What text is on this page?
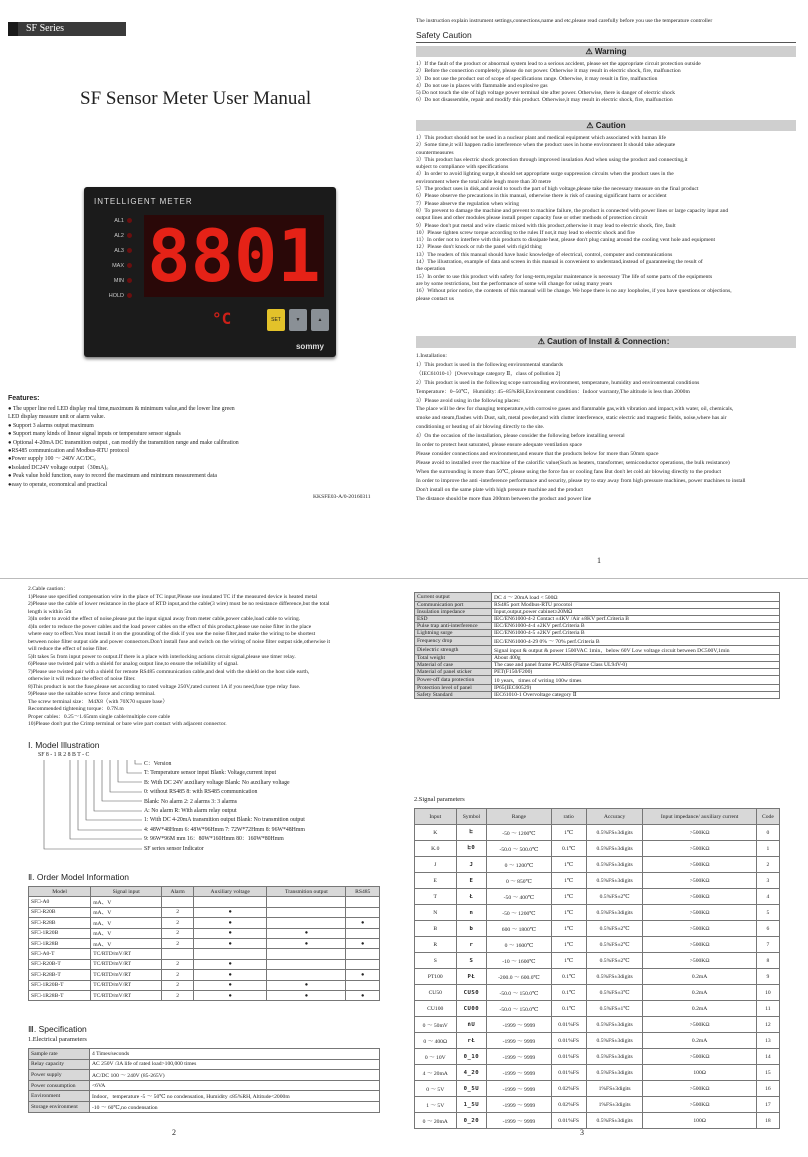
SF Series
SF Sensor Meter User Manual
INTELLIGENT METER
AL1
AL2
AL3
MAX
MIN
HOLD 8801
°C	SET	▼	▲
sommy
Features:
● The upper line red LED display real time,maximum & minimum value,and the lower line green
LED display measure unit or alarm value.
● Support 3 alarms output maximum
● Support many kinds of linear signal inputs or temperature sensor signals
● Optional 4-20mA DC transmition output , can modify the transmition range and make calibration
●RS485 communication and Modbus-RTU protocol
●Power supply 100 ～ 240V AC/DC。
●Isolated DC24V voltage output（30mA)。
● Peak value hold function, easy to record the maximum and minimum measurement data
●easy to operate, economical and practical
KKSFE03-A/0-20160311
The instruction explain instrument settings,connections,name and etc,please read carefully before you use the temperature controller
Safety Caution
⚠ Warning
1）If the fault of the product or abnormal system lead to a serious accident, please set the appropriate circuit protection outside
2）Before the connection completely, please do not power. Otherwise it may result in electric shock, fire, malfunction
3）Do not use the product out of scope of specifications range. Otherwise, it may result in fire, malfunction
4）Do not use in places with flammable and explosive gas
5) Do not touch the site of high voltage power terminal site after power. Otherwise, there is danger of electric shock
6）Do not disassemble, repair and modify this product. Otherwise,it may result in electric shock, fire, malfunction
⚠ Caution
1）This product should not be used in a nuclear plant and medical equipment which associated with human life
2）Some time,it will happen radio interference when the product uses in home environment It should take adequate
countermeasures
3）This product has electric shock protection through improved insulation And when using the product and connecting,it
subject to compliance with specifications
4）In order to avoid lighting surge,it should set appropriate surge suppression circuits when the product uses in the
environment where the total cable lengh more than 30 metre
5）The product uses in disk,and avoid to touch the part of high voltage,please take the necessary measure on the final product
6）Please observe the precautions in this manual, otherwise there is risk of causing significant harm or accident
7）Please abserve the regulation when wiring
8）To prevent to damage the machine and prevent to machine failure, the product is connected with power lines or large capacity input and
output lines and other modules please install proper capacity fuse or other methods of protection circuit
9）Please don't put metal and wire clastic mixed with this product,otherwise it may lead to electric shock, fire, fault
10）Please tighten screw torque according to the rules If not,it may lead to electric shock and fire
11）In order not to interfere with this products to dissipate heat, please don't plug caning around the cooling vent hole and equipment
12）Please don't knock or rub the panel with rigid thing
13）The readers of this manual should have basic knowledge of electrical, control, computer and communications
14）The illustration, example of data and screen in this manual is convenient to understand,instead of guaranteeing the result of
the operation
15）In order to use this product with safety for long-term,regular maintenance is necessary The life of some parts of the equipments
are by some restrictions, but the performance of some will change for using many years
16）Without prior notice, the contents of this manual will be change. We hope there is no any loopholes, if you have questions or objections,
please contact us
⚠ Caution of Install & Connection：
1.Installation:
1）This product is used in the following environmental standards
（IEC61010-1）[Overvoltage category Ⅱ，class of pollution 2]
2）This product is used in the following scope surrounding environment, temperature, humidity and environmental conditions
Temperature：0~50℃，Humidity: 45~85%RH,Environment condition：Indoor warranty,The altitude is less than 2000m
3）Please avoid using in the following places:
The place will be dew for changing temperature,with corrosive gases and flammable gas,with vibration and impact,with water, oil, chemicals,
smoke and steam,flashes with Dust, salt, metal powder,and with clutter interference, static electric and magnetic fields, noise,where has air
conditioning or heating of air blowing directly to the site.
4）On the occasion of the installation, please consider the following before installing several
In order to protect heat saturated, please ensure adequate ventilation space
Please consider connections and environment,and ensure that the products below for more than 50mm space
Please avoid to installed over the machine of the calorific value(Such as heaters, transformer, semiconductor operations, the bulk resistance)
When the surrounding is more than 50℃, please using the force fan or cooling fans But don't let cold air blowing directly to the product
In order to improve the anti -interference performance and security, please try to stay away from high pressure machines, power machines to install
Don't install on the same plate with high pressure machine and the product
The distance should be more than 200mm between the product and power line
1
2.Cable caution：
1)Please use specified compensation wire in the place of TC input,Please use insulated TC if the measured device is heated metal
2)Please use the cable of lower resistance in the place of RTD input,and the cable(3 wire) must be no resistance difference,but the total
length is within 5m
3)In order to avoid the effect of noise,please put the input signal away from meter cable,power cable,load cable to wiring.
4)In order to reduce the power cables and the load power cables on the effect of this product,please use noise filter in the place
where easy to effect.You must install it on the grounding of the disk if you use the noise filter,and make the wiring to be shortest
between noise filter output side and power connectors.Don't install fuse and switch on the wiring of noise filter output side,otherwise it
will reduce the effect of noise filter.
5)It takes 5s from input power to output.If there is a place with interlocking actions circuit signal,please use timer relay.
6)Please use twisted pair with a shield for analog output line,to ensure the reliability of signal.
7)Please use twisted pair with a shield for remote RS485 communication cable,and deal with the shield on the host side earth,
otherwise it will reduce the effect of noise filter.
8)This product is not the fuse,please set according to rated voltage 250V,rated current 1A if you need,fuse type relay fuse.
9)Please use the suitable screw force and crimp terminal.
The screw terminal size： M4X8（with 70X70 square base）
Recommended tightening torque：0.7N.m
Proper cables：0.25～1.65mm single cable/multiple core cable
10)Please don't put the Crimp terminal or bare wire part contact with adjacent connector.
Ⅰ. Model Illustration
SF 8 - 1 R 2 8 B T - C
C：Version
T: Temperature sensor input Blank: Voltage,current input
B: With DC 24V auxiliary voltage Blank: No auxiliary voltage
0: without RS485 8: with RS485 communication
Blank: No alarm 2: 2 alarms 3: 3 alarms
A: No alarm R: With alarm relay output
1: With DC 4-20mA transmition output Blank: No transmition output
4: 48W*48Hmm 6: 48W*96Hmm 7: 72W*72Hmm 8: 96W*48Hmm
9: 96W*96M mm 16：80W*160Hmm 80：160W*80Hmm
SF series sensor Indicator
Ⅱ. Order Model Information
Model	Signal input	Alarm	Auxiliary voltage	Transmition output	RS485
SF□-A0	mA、V				
SF□-R20B	mA、V	2	●		
SF□-R28B	mA、V	2	●		●
SF□-1R20B	mA、V	2	●	●	
SF□-1R28B	mA、V	2	●	●	●
SF□-A0-T	TC/RTD/mV/RT				
SF□-R20B-T	TC/RTD/mV/RT	2	●		
SF□-R28B-T	TC/RTD/mV/RT	2	●		●
SF□-1R20B-T	TC/RTD/mV/RT	2	●	●	
SF□-1R28B-T	TC/RTD/mV/RT	2	●	●	●
Ⅲ. Specification
1.Electrical parameters
Sample rate	4 Times/seconds
Relay capacity	AC 250V /3A life of rated load>100,000 times
Power supply	AC/DC 100 ～ 240V (85-265V)
Power consumption	<6VA
Environment	Indoor，temperature -5 ～ 50℃ no condensation, Humidity ≤85%RH, Altitude<2000m
Storage environment	-10 ～ 60℃,no condensation
2
Current output	DC 4 ～ 20mA load < 500Ω
Communication port	RS485 port Modbus-RTU procotol
Insulation impedance	Input,output,power cabinet≥20MΩ
ESD	IEC/EN61000-4-2 Contact ±4KV /Air ±8KV perf.Criteria B
Pulse trap anti-interference	IEC/EN61000-4-4 ±2KV perf.Criteria B
Lightning surge	IEC/EN61000-4-5 ±2KV perf.Criteria B
Frequency drop	IEC/EN61000-4-29 0% ～ 70% perf.Criteria B
Dielectric strength	Signal input & output & power 1500VAC 1min，below 60V Low voltage circuit between DC500V,1min
Total weight	About 400g
Material of case	The case and panel frame PC/ABS (Flame Class UL94V-0)
Material of panel sticker	PET(F150/F200)
Power-off data protection	10 years，times of writing 100w times
Protection level of panel	IP65(IEC60529)
Safety Standard	IEC61010-1 Overvoltage category Ⅱ
2.Signal parameters
Input	Symbol	Range	ratio	Accuracy	Input impedance/ auxiliary current	Code
K	ᖶ	-50 ～ 1200℃	1℃	0.5%FS±3digits	>500KΩ	0
K.0	ᖶ0	-50.0 ～ 500.0℃	0.1℃	0.5%FS±3digits	>500KΩ	1
J	J	0 ～ 1200℃	1℃	0.5%FS±3digits	>500KΩ	2
E	E	0 ～ 850℃	1℃	0.5%FS±3digits	>500KΩ	3
T	Ł	-50 ～ 400℃	1℃	0.5%FS±2℃	>500KΩ	4
N	n	-50 ～ 1200℃	1℃	0.5%FS±3digits	>500KΩ	5
B	b	600 ～ 1800℃	1℃	0.5%FS±2℃	>500KΩ	6
R	r	0 ～ 1600℃	1℃	0.5%FS±2℃	>500KΩ	7
S	S	-10 ～ 1600℃	1℃	0.5%FS±2℃	>500KΩ	8
PT100	PŁ	-200.0 ～ 600.0℃	0.1℃	0.5%FS±3digits	0.2mA	9
CU50	CUS0	-50.0 ～ 150.0℃	0.1℃	0.5%FS±3℃	0.2mA	10
CU100	CU00	-50.0 ～ 150.0℃	0.1℃	0.5%FS±1℃	0.2mA	11
0 ～ 50mV	ñU	-1999 ～ 9999	0.01%FS	0.5%FS±3digits	>500KΩ	12
0 ～ 400Ω	rŁ	-1999 ～ 9999	0.01%FS	0.5%FS±3digits	0.2mA	13
0 ～ 10V	0_10	-1999 ～ 9999	0.01%FS	0.5%FS±3digits	>500KΩ	14
4 ～ 20mA	4_20	-1999 ～ 9999	0.01%FS	0.5%FS±3digits	100Ω	15
0 ～ 5V	0_5U	-1999 ～ 9999	0.02%FS	1%FS±3digits	>500KΩ	16
1 ～ 5V	1_5U	-1999 ～ 9999	0.02%FS	1%FS±3digits	>500KΩ	17
0 ～ 20mA	0_20	-1999 ～ 9999	0.01%FS	0.5%FS±3digits	100Ω	18
3
